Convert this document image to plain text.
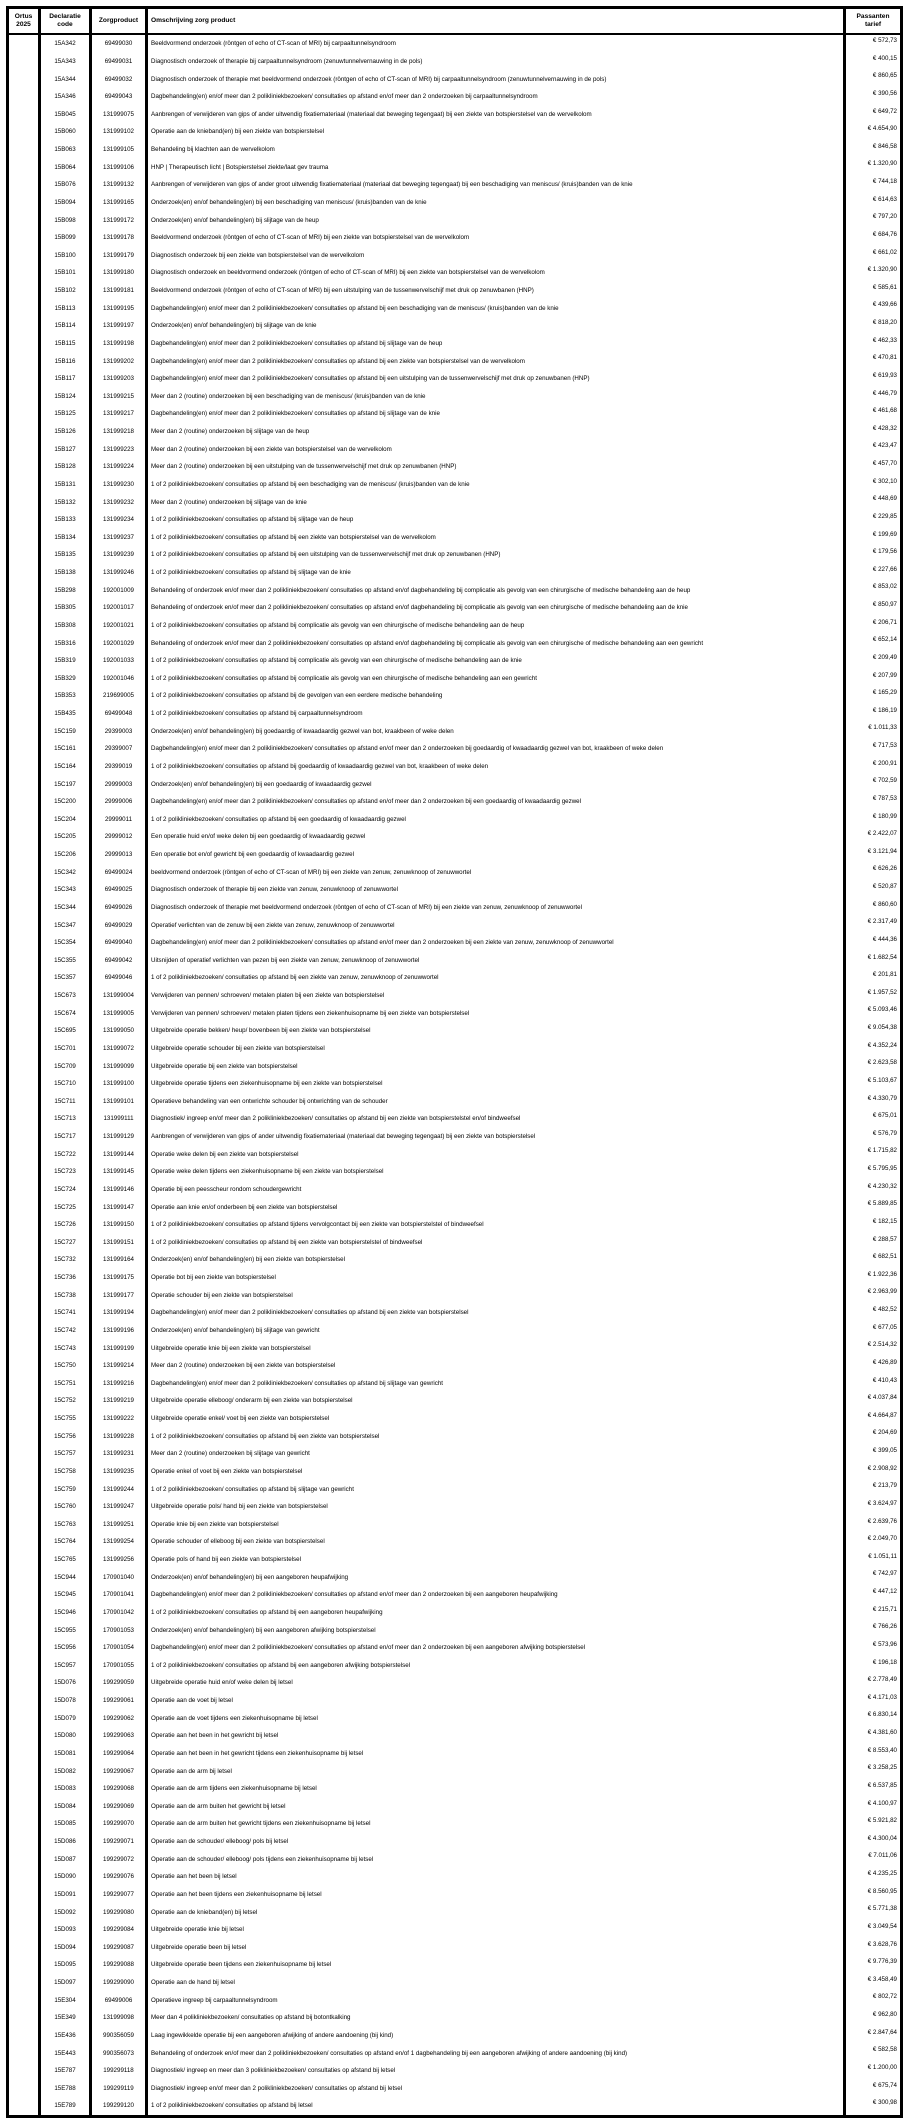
Ortus 2025	Declaratie code	Zorgproduct	Omschrijving zorg product	Passanten tarief
	15A342	69499030	Beeldvormend onderzoek (röntgen of echo of CT-scan of MRI) bij carpaaltunnelsyndroom	€ 572,73
	15A343	69499031	Diagnostisch onderzoek of therapie bij carpaaltunnelsyndroom (zenuwtunnelvernauwing in de pols)	€ 400,15
	15A344	69499032	Diagnostisch onderzoek of therapie met beeldvormend onderzoek (röntgen of echo of CT-scan of MRI) bij carpaaltunnelsyndroom (zenuwtunnelvernauwing in de pols)	€ 860,65
	15A346	69499043	Dagbehandeling(en) en/of meer dan 2 polikliniekbezoeken/ consultaties op afstand en/of meer dan 2 onderzoeken bij carpaaltunnelsyndroom	€ 390,56
	15B045	131999075	Aanbrengen of verwijderen van gips of ander uitwendig fixatiemateriaal (materiaal dat beweging tegengaat) bij een ziekte van botspierstelsel van de wervelkolom	€ 649,72
	15B060	131999102	Operatie aan de knieband(en) bij een ziekte van botspierstelsel	€ 4.654,90
	15B063	131999105	Behandeling bij klachten aan de wervelkolom	€ 846,58
	15B064	131999106	HNP | Therapeutisch licht | Botspierstelsel ziekte/laat gev trauma	€ 1.320,90
	15B076	131999132	Aanbrengen of verwijderen van gips of ander groot uitwendig fixatiemateriaal (materiaal dat beweging tegengaat) bij een beschadiging van meniscus/ (kruis)banden van de knie	€ 744,18
	15B094	131999165	Onderzoek(en) en/of behandeling(en) bij een beschadiging van meniscus/ (kruis)banden van de knie	€ 614,63
	15B098	131999172	Onderzoek(en) en/of behandeling(en) bij slijtage van de heup	€ 797,20
	15B099	131999178	Beeldvormend onderzoek (röntgen of echo of CT-scan of MRI) bij een ziekte van botspierstelsel van de wervelkolom	€ 684,76
	15B100	131999179	Diagnostisch onderzoek bij een ziekte van botspierstelsel van de wervelkolom	€ 661,02
	15B101	131999180	Diagnostisch onderzoek en beeldvormend onderzoek (röntgen of echo of CT-scan of MRI) bij een ziekte van botspierstelsel van de wervelkolom	€ 1.320,90
	15B102	131999181	Beeldvormend onderzoek (röntgen of echo of CT-scan of MRI) bij een uitstulping van de tussenwervelschijf met druk op zenuwbanen (HNP)	€ 585,61
	15B113	131999195	Dagbehandeling(en) en/of meer dan 2 polikliniekbezoeken/ consultaties op afstand bij een beschadiging van de meniscus/ (kruis)banden van de knie	€ 439,66
	15B114	131999197	Onderzoek(en) en/of behandeling(en) bij slijtage van de knie	€ 818,20
	15B115	131999198	Dagbehandeling(en) en/of meer dan 2 polikliniekbezoeken/ consultaties op afstand bij slijtage van de heup	€ 462,33
	15B116	131999202	Dagbehandeling(en) en/of meer dan 2 polikliniekbezoeken/ consultaties op afstand bij een ziekte van botspierstelsel van de wervelkolom	€ 470,81
	15B117	131999203	Dagbehandeling(en) en/of meer dan 2 polikliniekbezoeken/ consultaties op afstand bij een uitstulping van de tussenwervelschijf met druk op zenuwbanen (HNP)	€ 619,93
	15B124	131999215	Meer dan 2 (routine) onderzoeken bij een beschadiging van de meniscus/ (kruis)banden van de knie	€ 446,79
	15B125	131999217	Dagbehandeling(en) en/of meer dan 2 polikliniekbezoeken/ consultaties op afstand bij slijtage van de knie	€ 461,68
	15B126	131999218	Meer dan 2 (routine) onderzoeken bij slijtage van de heup	€ 428,32
	15B127	131999223	Meer dan 2 (routine) onderzoeken bij een ziekte van botspierstelsel van de wervelkolom	€ 423,47
	15B128	131999224	Meer dan 2 (routine) onderzoeken bij een uitstulping van de tussenwervelschijf met druk op zenuwbanen (HNP)	€ 457,70
	15B131	131999230	1 of 2 polikliniekbezoeken/ consultaties op afstand bij een beschadiging van de meniscus/ (kruis)banden van de knie	€ 302,10
	15B132	131999232	Meer dan 2 (routine) onderzoeken bij slijtage van de knie	€ 448,69
	15B133	131999234	1 of 2 polikliniekbezoeken/ consultaties op afstand bij slijtage van de heup	€ 229,85
	15B134	131999237	1 of 2 polikliniekbezoeken/ consultaties op afstand bij een ziekte van botspierstelsel van de wervelkolom	€ 199,69
	15B135	131999239	1 of 2 polikliniekbezoeken/ consultaties op afstand bij een uitstulping van de tussenwervelschijf met druk op zenuwbanen (HNP)	€ 179,56
	15B138	131999246	1 of 2 polikliniekbezoeken/ consultaties op afstand bij slijtage van de knie	€ 227,66
	15B298	192001009	Behandeling of onderzoek en/of meer dan 2 polikliniekbezoeken/ consultaties op afstand en/of dagbehandeling bij complicatie als gevolg van een chirurgische of medische behandeling aan de heup	€ 853,02
	15B305	192001017	Behandeling of onderzoek en/of meer dan 2 polikliniekbezoeken/ consultaties op afstand en/of dagbehandeling bij complicatie als gevolg van een chirurgische of medische behandeling aan de knie	€ 850,97
	15B308	192001021	1 of 2 polikliniekbezoeken/ consultaties op afstand bij complicatie als gevolg van een chirurgische of medische behandeling aan de heup	€ 206,71
	15B316	192001029	Behandeling of onderzoek en/of meer dan 2 polikliniekbezoeken/ consultaties op afstand en/of dagbehandeling bij complicatie als gevolg van een chirurgische of medische behandeling aan een gewricht	€ 652,14
	15B319	192001033	1 of 2 polikliniekbezoeken/ consultaties op afstand bij complicatie als gevolg van een chirurgische of medische behandeling aan de knie	€ 209,49
	15B329	192001046	1 of 2 polikliniekbezoeken/ consultaties op afstand bij complicatie als gevolg van een chirurgische of medische behandeling aan een gewricht	€ 207,99
	15B353	219699005	1 of 2 polikliniekbezoeken/ consultaties op afstand bij de gevolgen van een eerdere medische behandeling	€ 165,29
	15B435	69499048	1 of 2 polikliniekbezoeken/ consultaties op afstand bij carpaaltunnelsyndroom	€ 186,19
	15C159	29399003	Onderzoek(en) en/of behandeling(en) bij goedaardig of kwaadaardig gezwel van bot, kraakbeen of weke delen	€ 1.011,33
	15C161	29399007	Dagbehandeling(en) en/of meer dan 2 polikliniekbezoeken/ consultaties op afstand en/of meer dan 2 onderzoeken bij goedaardig of kwaadaardig gezwel van bot, kraakbeen of weke delen	€ 717,53
	15C164	29399019	1 of 2 polikliniekbezoeken/ consultaties op afstand bij goedaardig of kwaadaardig gezwel van bot, kraakbeen of weke delen	€ 200,91
	15C197	29999003	Onderzoek(en) en/of behandeling(en) bij een goedaardig of kwaadaardig gezwel	€ 702,59
	15C200	29999006	Dagbehandeling(en) en/of meer dan 2 polikliniekbezoeken/ consultaties op afstand en/of meer dan 2 onderzoeken bij een goedaardig of kwaadaardig gezwel	€ 787,53
	15C204	29999011	1 of 2 polikliniekbezoeken/ consultaties op afstand bij een goedaardig of kwaadaardig gezwel	€ 180,99
	15C205	29999012	Een operatie huid en/of weke delen bij een goedaardig of kwaadaardig gezwel	€ 2.422,07
	15C206	29999013	Een operatie bot en/of gewricht bij een goedaardig of kwaadaardig gezwel	€ 3.121,94
	15C342	69499024	beeldvormend onderzoek (röntgen of echo of CT-scan of MRI) bij een ziekte van zenuw, zenuwknoop of zenuwwortel	€ 626,26
	15C343	69499025	Diagnostisch onderzoek of therapie bij een ziekte van zenuw, zenuwknoop of zenuwwortel	€ 520,87
	15C344	69499026	Diagnostisch onderzoek of therapie met beeldvormend onderzoek (röntgen of echo of CT-scan of MRI) bij een ziekte van zenuw, zenuwknoop of zenuwwortel	€ 860,60
	15C347	69499029	Operatief verlichten van de zenuw bij een ziekte van zenuw, zenuwknoop of zenuwwortel	€ 2.317,49
	15C354	69499040	Dagbehandeling(en) en/of meer dan 2 polikliniekbezoeken/ consultaties op afstand en/of meer dan 2 onderzoeken bij een ziekte van zenuw, zenuwknoop of zenuwwortel	€ 444,36
	15C355	69499042	Uitsnijden of operatief verlichten van pezen bij een ziekte van zenuw, zenuwknoop of zenuwwortel	€ 1.682,54
	15C357	69499046	1 of 2 polikliniekbezoeken/ consultaties op afstand bij een ziekte van zenuw, zenuwknoop of zenuwwortel	€ 201,81
	15C673	131999004	Verwijderen van pennen/ schroeven/ metalen platen bij een ziekte van botspierstelsel	€ 1.957,52
	15C674	131999005	Verwijderen van pennen/ schroeven/ metalen platen tijdens een ziekenhuisopname bij een ziekte van botspierstelsel	€ 5.093,46
	15C695	131999050	Uitgebreide operatie bekken/ heup/ bovenbeen bij een ziekte van botspierstelsel	€ 9.054,38
	15C701	131999072	Uitgebreide operatie schouder bij een ziekte van botspierstelsel	€ 4.352,24
	15C709	131999099	Uitgebreide operatie bij een ziekte van botspierstelsel	€ 2.623,58
	15C710	131999100	Uitgebreide operatie tijdens een ziekenhuisopname bij een ziekte van botspierstelsel	€ 5.103,67
	15C711	131999101	Operatieve behandeling van een ontwrichte schouder bij ontwrichting van de schouder	€ 4.330,79
	15C713	131999111	Diagnostiek/ ingreep en/of meer dan 2 polikliniekbezoeken/ consultaties op afstand bij een ziekte van botspierstelstel en/of bindweefsel	€ 675,01
	15C717	131999129	Aanbrengen of verwijderen van gips of ander uitwendig fixatiemateriaal (materiaal dat beweging tegengaat) bij een ziekte van botspierstelsel	€ 576,79
	15C722	131999144	Operatie weke delen bij een ziekte van botspierstelsel	€ 1.715,82
	15C723	131999145	Operatie weke delen tijdens een ziekenhuisopname bij een ziekte van botspierstelsel	€ 5.795,95
	15C724	131999146	Operatie bij een peesscheur rondom schoudergewricht	€ 4.230,32
	15C725	131999147	Operatie aan knie en/of onderbeen bij een ziekte van botspierstelsel	€ 5.889,85
	15C726	131999150	1 of 2 polikliniekbezoeken/ consultaties op afstand tijdens vervolgcontact bij een ziekte van botspierstelstel of bindweefsel	€ 182,15
	15C727	131999151	1 of 2 polikliniekbezoeken/ consultaties op afstand bij een ziekte van botspierstelstel of bindweefsel	€ 288,57
	15C732	131999164	Onderzoek(en) en/of behandeling(en) bij een ziekte van botspierstelsel	€ 682,51
	15C736	131999175	Operatie bot bij een ziekte van botspierstelsel	€ 1.922,36
	15C738	131999177	Operatie schouder bij een ziekte van botspierstelsel	€ 2.963,99
	15C741	131999194	Dagbehandeling(en) en/of meer dan 2 polikliniekbezoeken/ consultaties op afstand bij een ziekte van botspierstelsel	€ 482,52
	15C742	131999196	Onderzoek(en) en/of behandeling(en) bij slijtage van gewricht	€ 677,05
	15C743	131999199	Uitgebreide operatie knie bij een ziekte van botspierstelsel	€ 2.514,32
	15C750	131999214	Meer dan 2 (routine) onderzoeken bij een ziekte van botspierstelsel	€ 426,89
	15C751	131999216	Dagbehandeling(en) en/of meer dan 2 polikliniekbezoeken/ consultaties op afstand bij slijtage van gewricht	€ 410,43
	15C752	131999219	Uitgebreide operatie elleboog/ onderarm bij een ziekte van botspierstelsel	€ 4.037,84
	15C755	131999222	Uitgebreide operatie enkel/ voet bij een ziekte van botspierstelsel	€ 4.664,87
	15C756	131999228	1 of 2 polikliniekbezoeken/ consultaties op afstand bij een ziekte van botspierstelsel	€ 204,69
	15C757	131999231	Meer dan 2 (routine) onderzoeken bij slijtage van gewricht	€ 399,05
	15C758	131999235	Operatie enkel of voet bij een ziekte van botspierstelsel	€ 2.908,92
	15C759	131999244	1 of 2 polikliniekbezoeken/ consultaties op afstand bij slijtage van gewricht	€ 213,79
	15C760	131999247	Uitgebreide operatie pols/ hand bij een ziekte van botspierstelsel	€ 3.624,97
	15C763	131999251	Operatie knie bij een ziekte van botspierstelsel	€ 2.639,76
	15C764	131999254	Operatie schouder of elleboog bij een ziekte van botspierstelsel	€ 2.049,70
	15C765	131999256	Operatie pols of hand bij een ziekte van botspierstelsel	€ 1.051,11
	15C944	170901040	Onderzoek(en) en/of behandeling(en) bij een aangeboren heupafwijking	€ 742,97
	15C945	170901041	Dagbehandeling(en) en/of meer dan 2 polikliniekbezoeken/ consultaties op afstand en/of meer dan 2 onderzoeken bij een aangeboren heupafwijking	€ 447,12
	15C946	170901042	1 of 2 polikliniekbezoeken/ consultaties op afstand bij een aangeboren heupafwijking	€ 215,71
	15C955	170901053	Onderzoek(en) en/of behandeling(en) bij een aangeboren afwijking botspierstelsel	€ 766,26
	15C956	170901054	Dagbehandeling(en) en/of meer dan 2 polikliniekbezoeken/ consultaties op afstand en/of meer dan 2 onderzoeken bij een aangeboren afwijking botspierstelsel	€ 573,96
	15C957	170901055	1 of 2 polikliniekbezoeken/ consultaties op afstand bij een aangeboren afwijking botspierstelsel	€ 196,18
	15D076	199299059	Uitgebreide operatie huid en/of weke delen bij letsel	€ 2.778,49
	15D078	199299061	Operatie aan de voet bij letsel	€ 4.171,03
	15D079	199299062	Operatie aan de voet tijdens een ziekenhuisopname bij letsel	€ 6.830,14
	15D080	199299063	Operatie aan het been in het gewricht bij letsel	€ 4.381,60
	15D081	199299064	Operatie aan het been in het gewricht tijdens een ziekenhuisopname bij letsel	€ 8.553,40
	15D082	199299067	Operatie aan de arm bij letsel	€ 3.258,25
	15D083	199299068	Operatie aan de arm tijdens een ziekenhuisopname bij letsel	€ 6.537,85
	15D084	199299069	Operatie aan de arm buiten het gewricht bij letsel	€ 4.100,97
	15D085	199299070	Operatie aan de arm buiten het gewricht tijdens een ziekenhuisopname bij letsel	€ 5.921,82
	15D086	199299071	Operatie aan de schouder/ elleboog/ pols bij letsel	€ 4.300,04
	15D087	199299072	Operatie aan de schouder/ elleboog/ pols tijdens een ziekenhuisopname bij letsel	€ 7.011,06
	15D090	199299076	Operatie aan het been bij letsel	€ 4.235,25
	15D091	199299077	Operatie aan het been tijdens een ziekenhuisopname bij letsel	€ 8.560,95
	15D092	199299080	Operatie aan de knieband(en) bij letsel	€ 5.771,38
	15D093	199299084	Uitgebreide operatie knie bij letsel	€ 3.049,54
	15D094	199299087	Uitgebreide operatie been bij letsel	€ 3.628,76
	15D095	199299088	Uitgebreide operatie been tijdens een ziekenhuisopname bij letsel	€ 9.776,39
	15D097	199299090	Operatie aan de hand bij letsel	€ 3.458,49
	15E304	69499006	Operatieve ingreep bij carpaaltunnelsyndroom	€ 802,72
	15E349	131999098	Meer dan 4 polikliniekbezoeken/ consultaties op afstand bij botontkalking	€ 962,80
	15E436	990356059	Laag ingewikkelde operatie bij een aangeboren afwijking of andere aandoening (bij kind)	€ 2.847,64
	15E443	990356073	Behandeling of onderzoek en/of meer dan 2 polikliniekbezoeken/ consultaties op afstand en/of 1 dagbehandeling bij een aangeboren afwijking of andere aandoening (bij kind)	€ 582,58
	15E787	199299118	Diagnostiek/ ingreep en meer dan 3 polikliniekbezoeken/ consultaties op afstand bij letsel	€ 1.200,00
	15E788	199299119	Diagnostiek/ ingreep en/of meer dan 2 polikliniekbezoeken/ consultaties op afstand bij letsel	€ 675,74
	15E789	199299120	1 of 2 polikliniekbezoeken/ consultaties op afstand bij letsel	€ 300,98
